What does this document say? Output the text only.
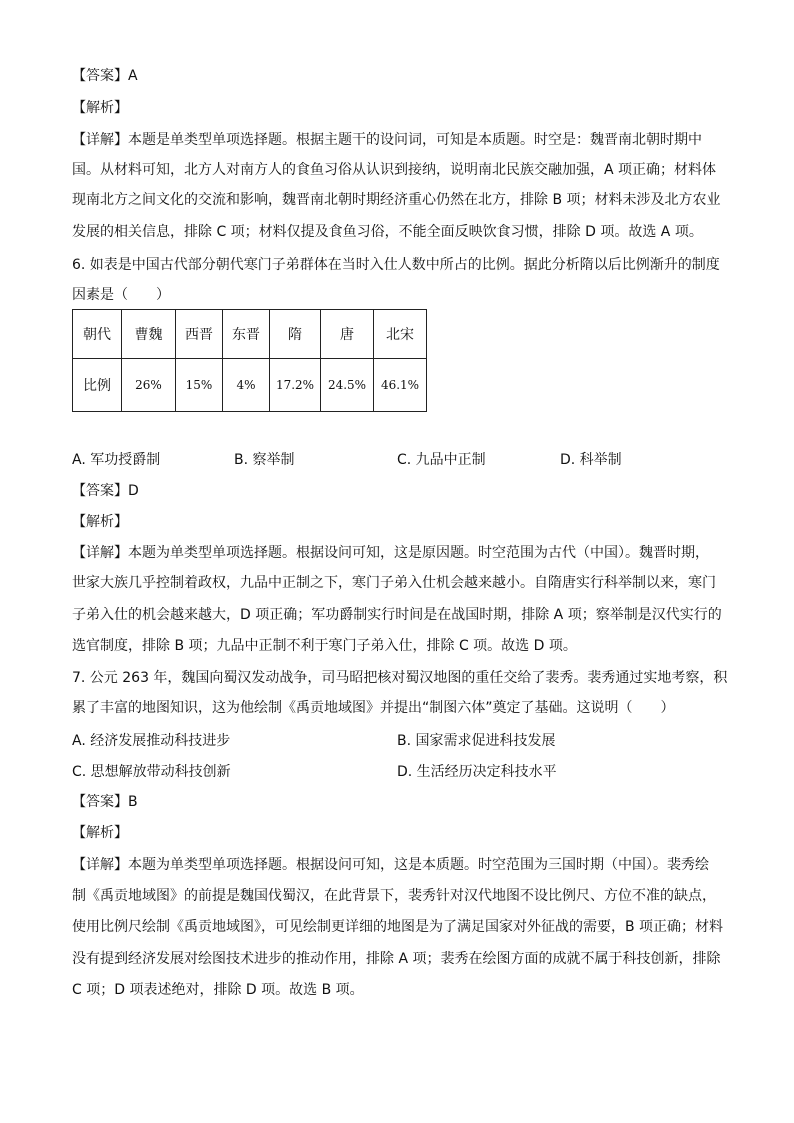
【答案】A
【解析】
【详解】本题是单类型单项选择题。根据主题干的设问词，可知是本质题。时空是：魏晋南北朝时期中
国。从材料可知，北方人对南方人的食鱼习俗从认识到接纳，说明南北民族交融加强，A 项正确；材料体
现南北方之间文化的交流和影响，魏晋南北朝时期经济重心仍然在北方，排除 B 项；材料未涉及北方农业
发展的相关信息，排除 C 项；材料仅提及食鱼习俗，不能全面反映饮食习惯，排除 D 项。故选 A 项。
6. 如表是中国古代部分朝代寒门子弟群体在当时入仕人数中所占的比例。据此分析隋以后比例渐升的制度
因素是（　　）
朝代	曹魏	西晋	东晋	隋	唐	北宋
比例	26%	15%	4%	17.2%	24.5%	46.1%
A. 军功授爵制	B. 察举制	C. 九品中正制	D. 科举制
【答案】D
【解析】
【详解】本题为单类型单项选择题。根据设问可知，这是原因题。时空范围为古代（中国）。魏晋时期，
世家大族几乎控制着政权，九品中正制之下，寒门子弟入仕机会越来越小。自隋唐实行科举制以来，寒门
子弟入仕的机会越来越大，D 项正确；军功爵制实行时间是在战国时期，排除 A 项；察举制是汉代实行的
选官制度，排除 B 项；九品中正制不利于寒门子弟入仕，排除 C 项。故选 D 项。
7. 公元 263 年，魏国向蜀汉发动战争，司马昭把核对蜀汉地图的重任交给了裴秀。裴秀通过实地考察，积
累了丰富的地图知识，这为他绘制《禹贡地域图》并提出“制图六体”奠定了基础。这说明（　　）
A. 经济发展推动科技进步	B. 国家需求促进科技发展
C. 思想解放带动科技创新	D. 生活经历决定科技水平
【答案】B
【解析】
【详解】本题为单类型单项选择题。根据设问可知，这是本质题。时空范围为三国时期（中国）。裴秀绘
制《禹贡地域图》的前提是魏国伐蜀汉，在此背景下，裴秀针对汉代地图不设比例尺、方位不准的缺点，
使用比例尺绘制《禹贡地域图》，可见绘制更详细的地图是为了满足国家对外征战的需要，B 项正确；材料
没有提到经济发展对绘图技术进步的推动作用，排除 A 项；裴秀在绘图方面的成就不属于科技创新，排除
C 项；D 项表述绝对，排除 D 项。故选 B 项。
